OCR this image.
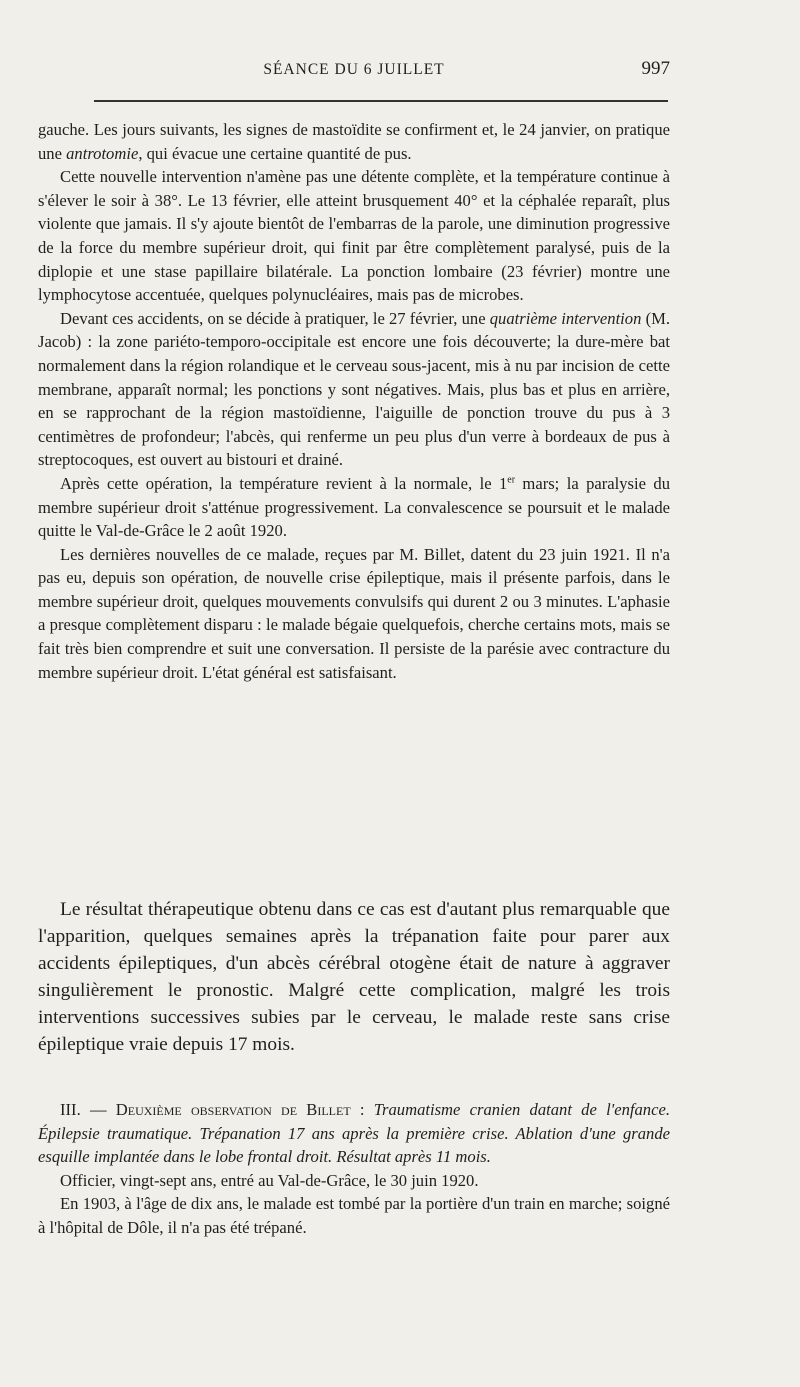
SÉANCE DU 6 JUILLET	997

gauche. Les jours suivants, les signes de mastoïdite se confirment et, le 24 janvier, on pratique une antrotomie, qui évacue une certaine quantité de pus.

Cette nouvelle intervention n'amène pas une détente complète, et la température continue à s'élever le soir à 38°. Le 13 février, elle atteint brusquement 40° et la céphalée reparaît, plus violente que jamais. Il s'y ajoute bientôt de l'embarras de la parole, une diminution progressive de la force du membre supérieur droit, qui finit par être complètement paralysé, puis de la diplopie et une stase papillaire bilatérale. La ponction lombaire (23 février) montre une lymphocytose accentuée, quelques polynucléaires, mais pas de microbes.

Devant ces accidents, on se décide à pratiquer, le 27 février, une quatrième intervention (M. Jacob) : la zone pariéto-temporo-occipitale est encore une fois découverte; la dure-mère bat normalement dans la région rolandique et le cerveau sous-jacent, mis à nu par incision de cette membrane, apparaît normal; les ponctions y sont négatives. Mais, plus bas et plus en arrière, en se rapprochant de la région mastoïdienne, l'aiguille de ponction trouve du pus à 3 centimètres de profondeur; l'abcès, qui renferme un peu plus d'un verre à bordeaux de pus à streptocoques, est ouvert au bistouri et drainé.

Après cette opération, la température revient à la normale, le 1er mars; la paralysie du membre supérieur droit s'atténue progressivement. La convalescence se poursuit et le malade quitte le Val-de-Grâce le 2 août 1920.

Les dernières nouvelles de ce malade, reçues par M. Billet, datent du 23 juin 1921. Il n'a pas eu, depuis son opération, de nouvelle crise épileptique, mais il présente parfois, dans le membre supérieur droit, quelques mouvements convulsifs qui durent 2 ou 3 minutes. L'aphasie a presque complètement disparu : le malade bégaie quelquefois, cherche certains mots, mais se fait très bien comprendre et suit une conversation. Il persiste de la parésie avec contracture du membre supérieur droit. L'état général est satisfaisant.

Le résultat thérapeutique obtenu dans ce cas est d'autant plus remarquable que l'apparition, quelques semaines après la trépanation faite pour parer aux accidents épileptiques, d'un abcès cérébral otogène était de nature à aggraver singulièrement le pronostic. Malgré cette complication, malgré les trois interventions successives subies par le cerveau, le malade reste sans crise épileptique vraie depuis 17 mois.

III. — Deuxième observation de Billet : Traumatisme cranien datant de l'enfance. Épilepsie traumatique. Trépanation 17 ans après la première crise. Ablation d'une grande esquille implantée dans le lobe frontal droit. Résultat après 11 mois.

Officier, vingt-sept ans, entré au Val-de-Grâce, le 30 juin 1920.

En 1903, à l'âge de dix ans, le malade est tombé par la portière d'un train en marche; soigné à l'hôpital de Dôle, il n'a pas été trépané.
